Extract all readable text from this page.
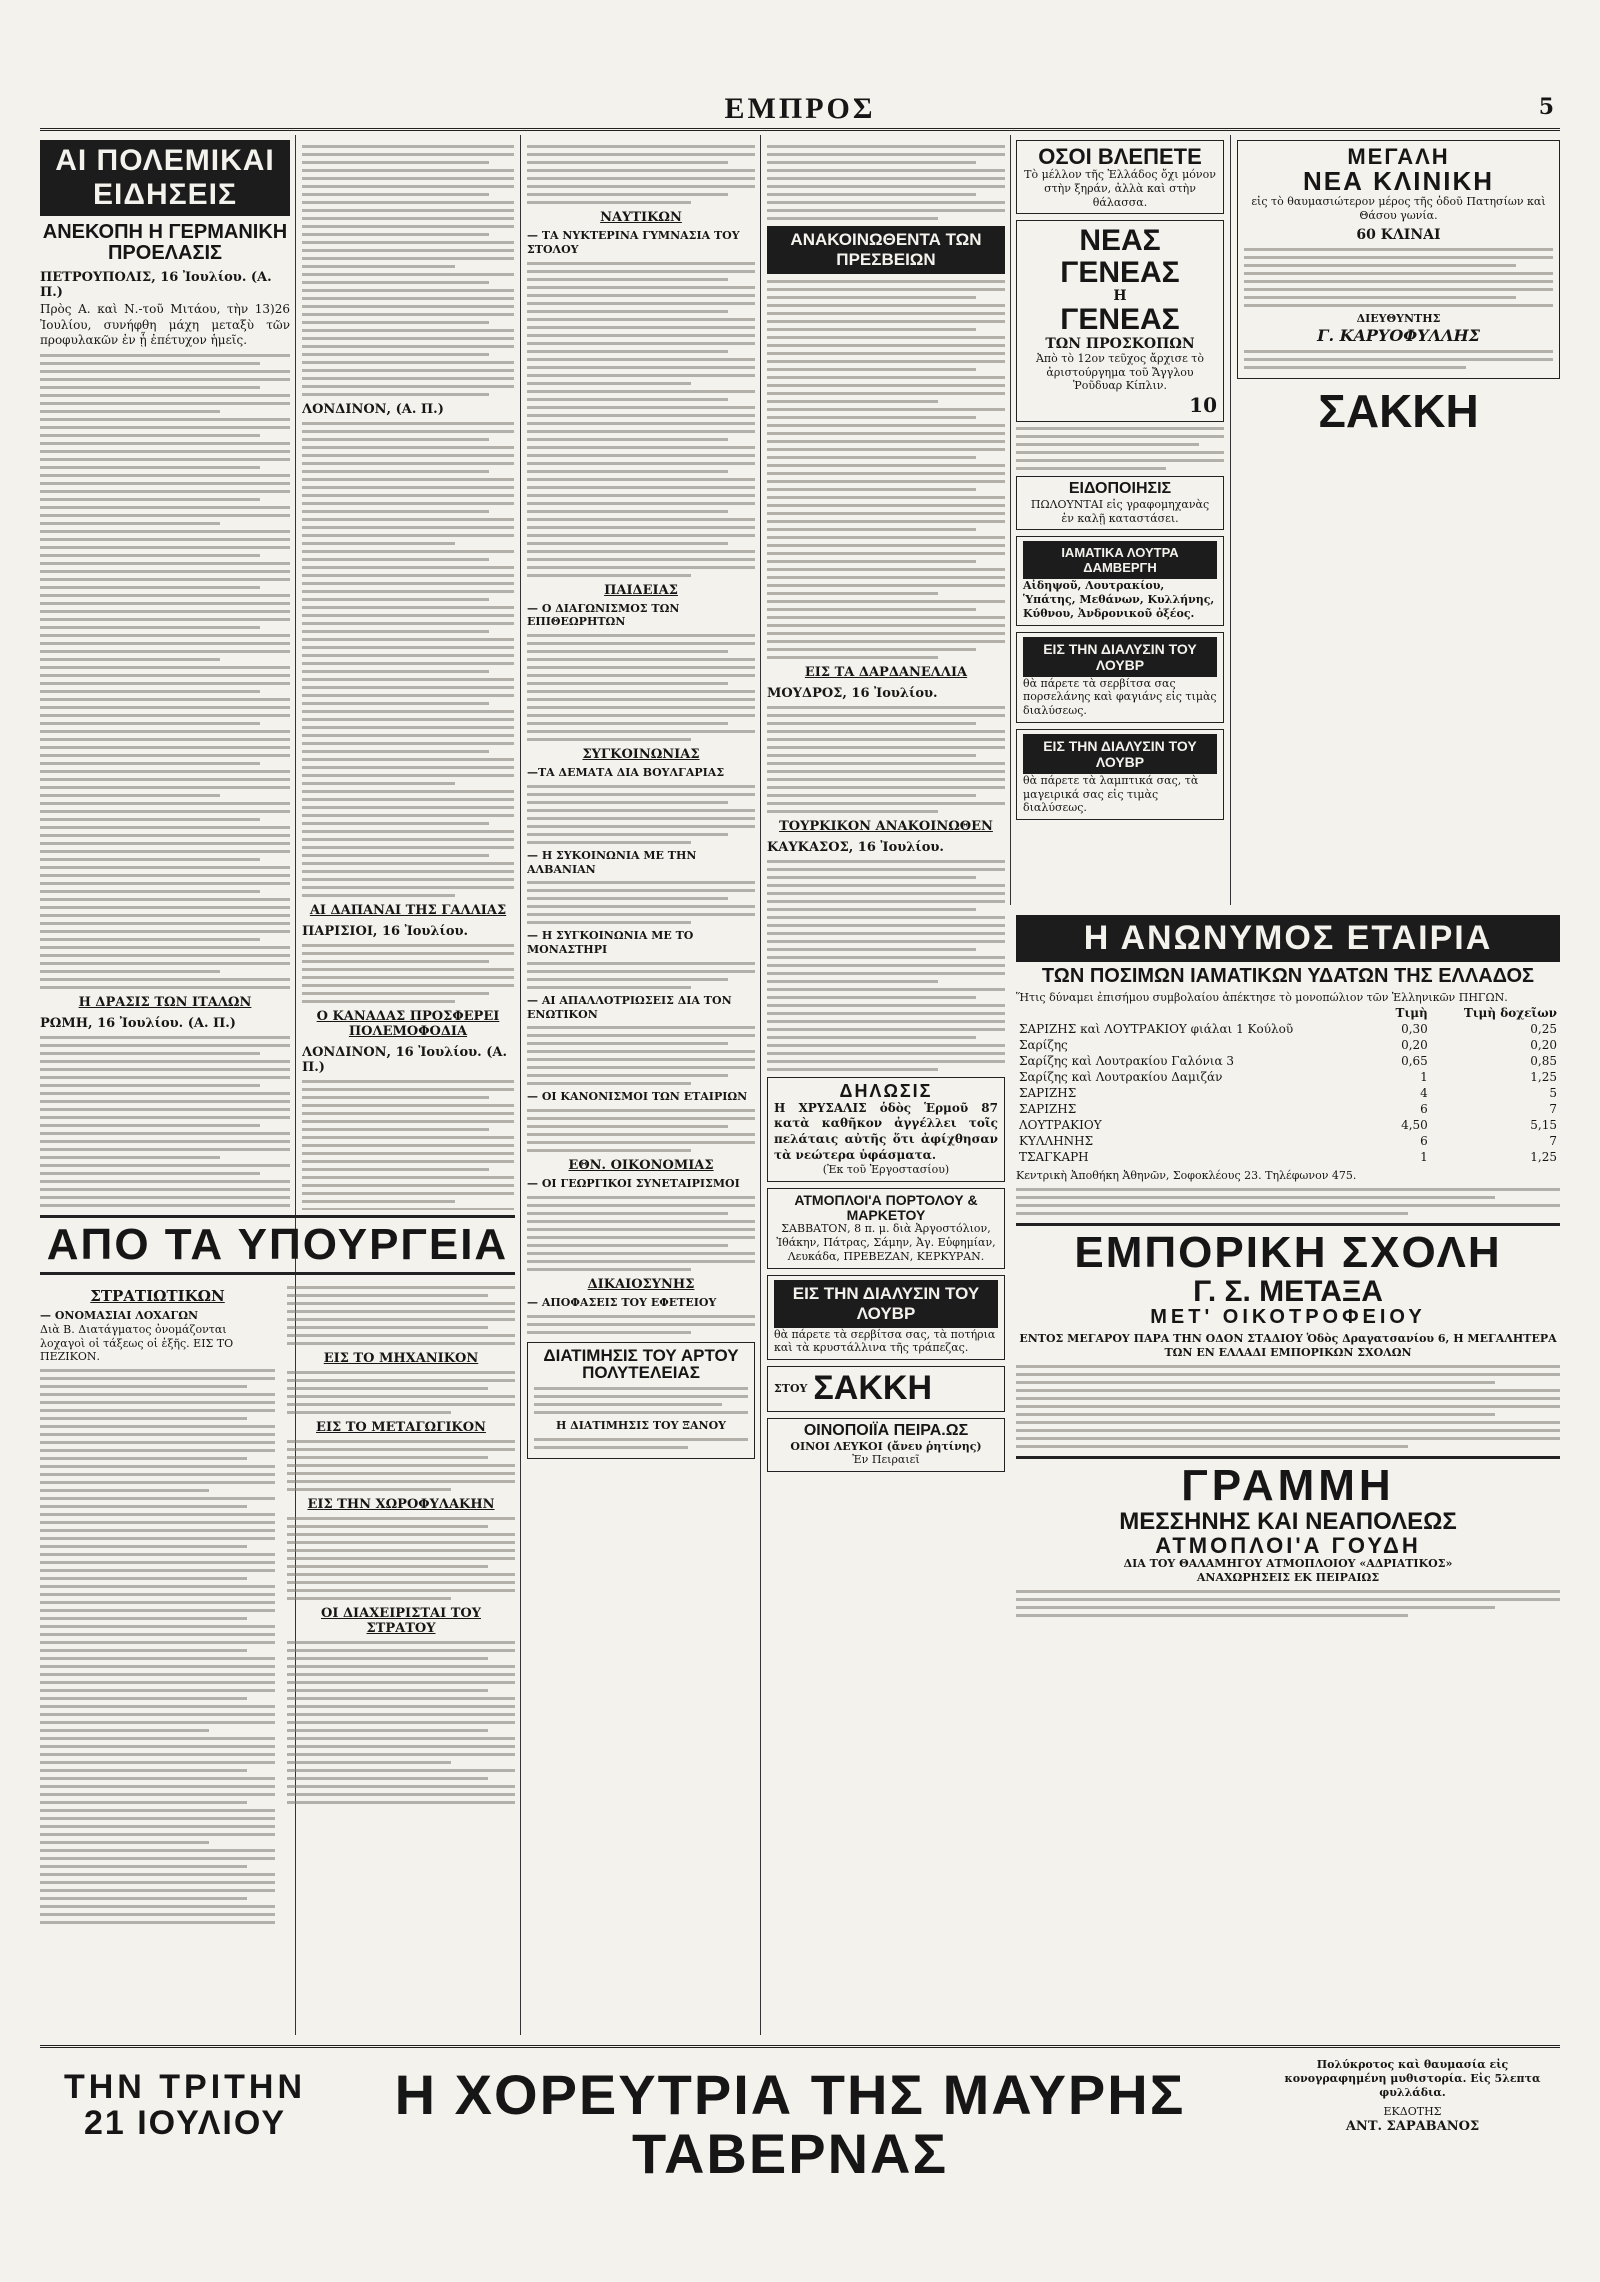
ΕΜΠΡΟΣ	5
ΑΙ ΠΟΛΕΜΙΚΑΙ ΕΙΔΗΣΕΙΣ
ΑΝΕΚΟΠΗ Η ΓΕΡΜΑΝΙΚΗ ΠΡΟΕΛΑΣΙΣ
ΠΕΤΡΟΥΠΟΛΙΣ, 16 Ἰουλίου. (Α. Π.)
Πρὸς Α. καὶ Ν.-τοῦ Μιτάου, τὴν 13)26 Ἰουλίου, συνήφθη μάχη μεταξὺ τῶν προφυλακῶν ἐν ᾗ ἐπέτυχον ἡμεῖς.
Η ΔΡΑΣΙΣ ΤΩΝ ΙΤΑΛΩΝ
ΡΩΜΗ, 16 Ἰουλίου. (Α. Π.)
ΑΠΟ ΤΑ ΥΠΟΥΡΓΕΙΑ
ΣΤΡΑΤΙΩΤΙΚΩΝ
— ΟΝΟΜΑΣΙΑΙ ΛΟΧΑΓΩΝ
Διὰ Β. Διατάγματος ὀνομάζονται λοχαγοὶ οἱ τάξεως οἱ ἑξῆς. ΕΙΣ ΤΟ ΠΕΖΙΚΟΝ.	ΕΙΣ ΤΟ ΜΗΧΑΝΙΚΟΝ
ΕΙΣ ΤΟ ΜΕΤΑΓΩΓΙΚΟΝ
ΕΙΣ ΤΗΝ ΧΩΡΟΦΥΛΑΚΗΝ
ΟΙ ΔΙΑΧΕΙΡΙΣΤΑΙ ΤΟΥ ΣΤΡΑΤΟΥ
ΛΟΝΔΙΝΟΝ, (Α. Π.)
ΑΙ ΔΑΠΑΝΑΙ ΤΗΣ ΓΑΛΛΙΑΣ
ΠΑΡΙΣΙΟΙ, 16 Ἰουλίου.
Ο ΚΑΝΑΔΑΣ ΠΡΟΣΦΕΡΕΙ ΠΟΛΕΜΟΦΟΔΙΑ
ΛΟΝΔΙΝΟΝ, 16 Ἰουλίου. (Α. Π.)
ΝΑΥΤΙΚΩΝ
— ΤΑ ΝΥΚΤΕΡΙΝΑ ΓΥΜΝΑΣΙΑ ΤΟΥ ΣΤΟΛΟΥ
ΠΑΙΔΕΙΑΣ
— Ο ΔΙΑΓΩΝΙΣΜΟΣ ΤΩΝ ΕΠΙΘΕΩΡΗΤΩΝ
ΣΥΓΚΟΙΝΩΝΙΑΣ
—ΤΑ ΔΕΜΑΤΑ ΔΙΑ ΒΟΥΛΓΑΡΙΑΣ
— Η ΣΥΚΟΙΝΩΝΙΑ ΜΕ ΤΗΝ ΑΛΒΑΝΙΑΝ
— Η ΣΥΓΚΟΙΝΩΝΙΑ ΜΕ ΤΟ ΜΟΝΑΣΤΗΡΙ
— ΑΙ ΑΠΑΛΛΟΤΡΙΩΣΕΙΣ ΔΙΑ ΤΟΝ ΕΝΩΤΙΚΟΝ
— ΟΙ ΚΑΝΟΝΙΣΜΟΙ ΤΩΝ ΕΤΑΙΡΙΩΝ
ΕΘΝ. ΟΙΚΟΝΟΜΙΑΣ
— ΟΙ ΓΕΩΡΓΙΚΟΙ ΣΥΝΕΤΑΙΡΙΣΜΟΙ
ΔΙΚΑΙΟΣΥΝΗΣ
— ΑΠΟΦΑΣΕΙΣ ΤΟΥ ΕΦΕΤΕΙΟΥ
ΔΙΑΤΙΜΗΣΙΣ ΤΟΥ ΑΡΤΟΥ ΠΟΛΥΤΕΛΕΙΑΣ
Η ΔΙΑΤΙΜΗΣΙΣ ΤΟΥ ΞΑΝΟΥ
ΑΝΑΚΟΙΝΩΘΕΝΤΑ ΤΩΝ ΠΡΕΣΒΕΙΩΝ
ΕΙΣ ΤΑ ΔΑΡΔΑΝΕΛΛΙΑ
ΜΟΥΔΡΟΣ, 16 Ἰουλίου.
ΤΟΥΡΚΙΚΟΝ ΑΝΑΚΟΙΝΩΘΕΝ
ΚΑΥΚΑΣΟΣ, 16 Ἰουλίου.
ΔΗΛΩΣΙΣ
Η ΧΡΥΣΑΛΙΣ ὁδὸς Ἑρμοῦ 87 κατὰ καθῆκον ἀγγέλλει τοῖς πελάταις αὐτῆς ὅτι ἀφίχθησαν τὰ νεώτερα ὑφάσματα.
(Ἐκ τοῦ Ἐργοστασίου)
ΑΤΜΟΠΛΟΙ'Α ΠΟΡΤΟΛΟΥ & ΜΑΡΚΕΤΟΥ
ΣΑΒΒΑΤΟΝ, 8 π. μ. διὰ Ἀργοστόλιον, Ἰθάκην, Πάτρας, Σάμην, Ἀγ. Εὐφημίαν, Λευκάδα, ΠΡΕΒΕΖΑΝ, ΚΕΡΚΥΡΑΝ.
ΕΙΣ ΤΗΝ ΔΙΑΛΥΣΙΝ ΤΟΥ ΛΟΥΒΡ
θὰ πάρετε τὰ σερβίτσα σας, τὰ ποτήρια καὶ τὰ κρυστάλλινα τῆς τράπεζας.
ΣΤΟΥ ΣΑΚΚΗ
ΟΙΝΟΠΟΙΪΑ ΠΕΙΡΑ.ΩΣ
ΟΙΝΟΙ ΛΕΥΚΟΙ (ἄνευ ῥητίνης)
Ἐν Πειραιεῖ
ΟΣΟΙ ΒΛΕΠΕΤΕ
Τὸ μέλλον τῆς Ἑλλάδος ὄχι μόνον στὴν ξηράν, ἀλλὰ καὶ στὴν θάλασσα.
ΝΕΑΣ ΓΕΝΕΑΣ
Η
ΓΕΝΕΑΣ
ΤΩΝ ΠΡΟΣΚΟΠΩΝ
Ἀπὸ τὸ 12ον τεῦχος ἄρχισε τὸ ἀριστούργημα τοῦ Ἄγγλου Ῥοῦδυαρ Κίπλιν.
10
ΕΙΔΟΠΟΙΗΣΙΣ
ΠΩΛΟΥΝΤΑΙ εἰς γραφομηχανὰς ἐν καλῇ καταστάσει.
ΙΑΜΑΤΙΚΑ ΛΟΥΤΡΑ ΔΑΜΒΕΡΓΗ
Αἰδηψοῦ, Λουτρακίου, Ὑπάτης, Μεθάνων, Κυλλήνης, Κύθνου, Ἀνδρονικοῦ ὀξέος.
ΕΙΣ ΤΗΝ ΔΙΑΛΥΣΙΝ ΤΟΥ ΛΟΥΒΡ
θὰ πάρετε τὰ σερβίτσα σας πορσελάνης καὶ φαγιάνς εἰς τιμὰς διαλύσεως.
ΕΙΣ ΤΗΝ ΔΙΑΛΥΣΙΝ ΤΟΥ ΛΟΥΒΡ
θὰ πάρετε τὰ λαμπτικά σας, τὰ μαγειρικά σας εἰς τιμὰς διαλύσεως.
ΜΕΓΑΛΗ
ΝΕΑ ΚΛΙΝΙΚΗ
εἰς τὸ θαυμασιώτερον μέρος τῆς ὁδοῦ Πατησίων καὶ Θάσου γωνία.
60 ΚΛΙΝΑΙ
ΔΙΕΥΘΥΝΤΗΣ
Γ. ΚΑΡΥΟΦΥΛΛΗΣ
ΣΑΚΚΗ
Η ΑΝΩΝΥΜΟΣ ΕΤΑΙΡΙΑ
ΤΩΝ ΠΟΣΙΜΩΝ ΙΑΜΑΤΙΚΩΝ ΥΔΑΤΩΝ ΤΗΣ ΕΛΛΑΔΟΣ
Ἥτις δύναμει ἐπισήμου συμβολαίου ἀπέκτησε τὸ μονοπώλιον τῶν Ἑλληνικῶν ΠΗΓΩΝ.
	Τιμὴ	Τιμὴ δοχεῖων
ΣΑΡΙΖΗΣ καὶ ΛΟΥΤΡΑΚΙΟΥ φιάλαι 1 Κούλοῦ	0,30	0,25
Σαρίζης	0,20	0,20
Σαρίζης καὶ Λουτρακίου Γαλόνια 3	0,65	0,85
Σαρίζης καὶ Λουτρακίου Δαμιζάν	1	1,25
ΣΑΡΙΖΗΣ	4	5
ΣΑΡΙΖΗΣ	6	7
ΛΟΥΤΡΑΚΙΟΥ	4,50	5,15
ΚΥΛΛΗΝΗΣ	6	7
ΤΣΑΓΚΑΡΗ	1	1,25
Κεντρικὴ Ἀποθήκη Ἀθηνῶν, Σοφοκλέους 23. Τηλέφωνον 475.
ΕΜΠΟΡΙΚΗ ΣΧΟΛΗ
Γ. Σ. ΜΕΤΑΞΑ
ΜΕΤ' ΟΙΚΟΤΡΟΦΕΙΟΥ
ΕΝΤΟΣ ΜΕΓΑΡΟΥ ΠΑΡΑ ΤΗΝ ΟΔΟΝ ΣΤΑΔΙΟΥ Ὁδὸς Δραγατσανίου 6, Η ΜΕΓΑΛΗΤΕΡΑ ΤΩΝ ΕΝ ΕΛΛΑΔΙ ΕΜΠΟΡΙΚΩΝ ΣΧΟΛΩΝ
ΓΡΑΜΜΗ
ΜΕΣΣΗΝΗΣ ΚΑΙ ΝΕΑΠΟΛΕΩΣ
ΑΤΜΟΠΛΟΙ'Α ΓΟΥΔΗ
ΔΙΑ ΤΟΥ ΘΑΛΑΜΗΓΟΥ ΑΤΜΟΠΛΟΙΟΥ «ΑΔΡΙΑΤΙΚΟΣ»
ΑΝΑΧΩΡΗΣΕΙΣ ΕΚ ΠΕΙΡΑΙΩΣ
ΤΗΝ ΤΡΙΤΗΝ
21 ΙΟΥΛΙΟΥ	Η ΧΟΡΕΥΤΡΙΑ ΤΗΣ ΜΑΥΡΗΣ ΤΑΒΕΡΝΑΣ
Πολύκροτος καὶ θαυμασία εἰς κονογραφημένη μυθιστορία. Εἰς 5λεπτα φυλλάδια.
ΕΚΔΟΤΗΣ
ΑΝΤ. ΣΑΡΑΒΑΝΟΣ
